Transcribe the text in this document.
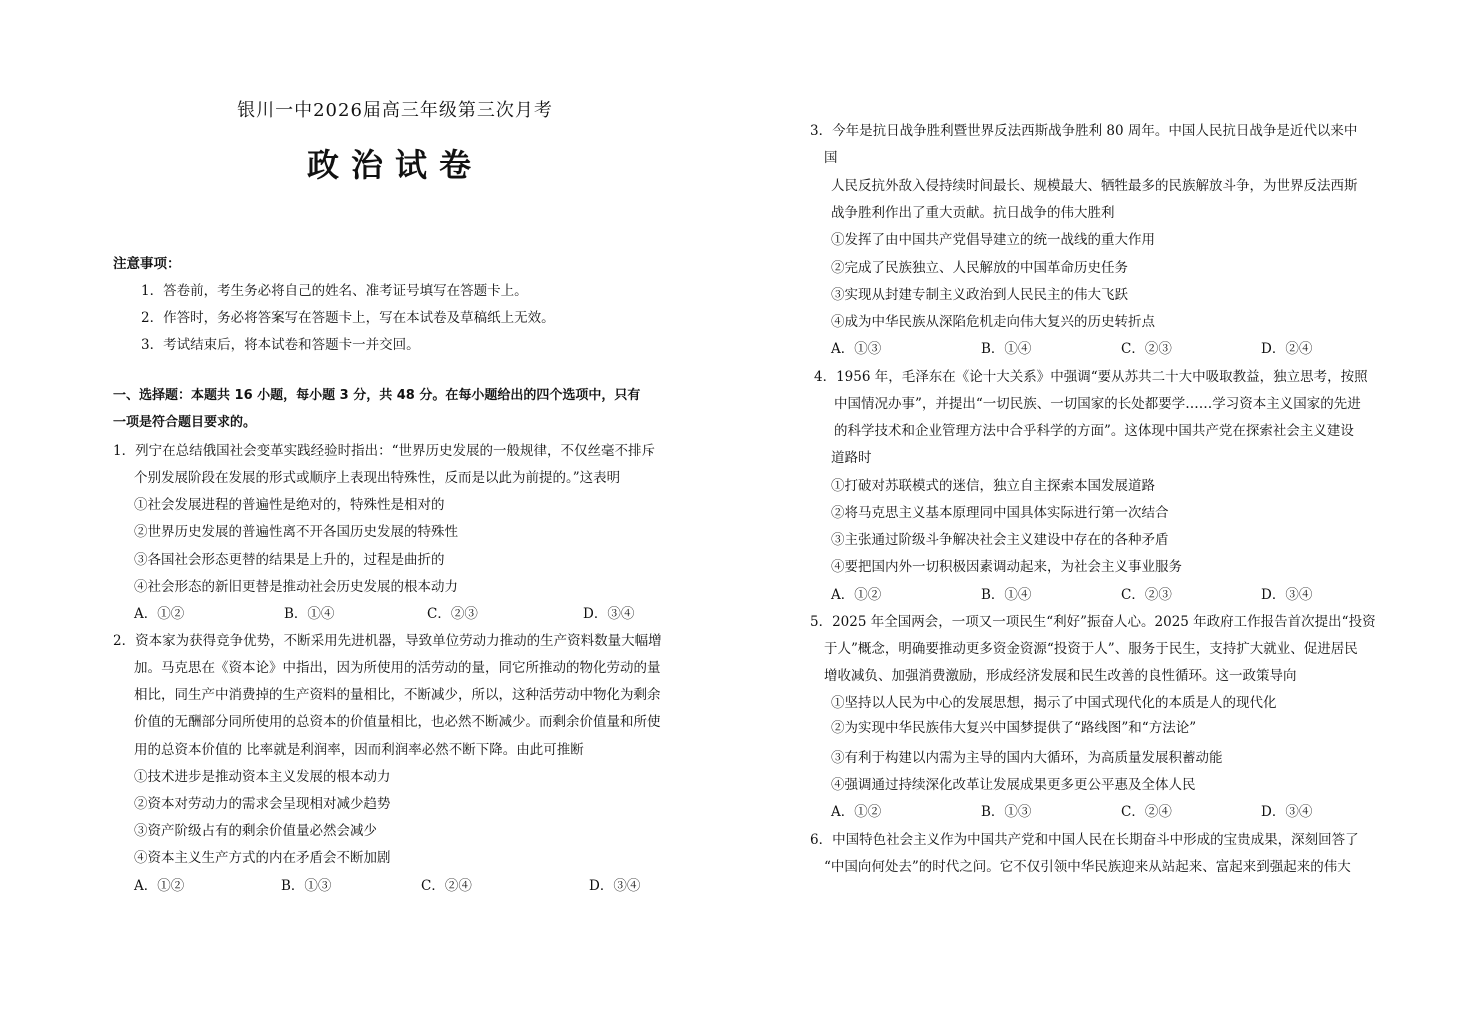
银川一中2026届高三年级第三次月考
政治试卷
注意事项：
1．答卷前，考生务必将自己的姓名、准考证号填写在答题卡上。
2．作答时，务必将答案写在答题卡上，写在本试卷及草稿纸上无效。
3．考试结束后，将本试卷和答题卡一并交回。
一、选择题：本题共 16 小题，每小题 3 分，共 48 分。在每小题给出的四个选项中，只有
一项是符合题目要求的。
1．列宁在总结俄国社会变革实践经验时指出：“世界历史发展的一般规律，不仅丝毫不排斥
个别发展阶段在发展的形式或顺序上表现出特殊性，反而是以此为前提的。”这表明
①社会发展进程的普遍性是绝对的，特殊性是相对的
②世界历史发展的普遍性离不开各国历史发展的特殊性
③各国社会形态更替的结果是上升的，过程是曲折的
④社会形态的新旧更替是推动社会历史发展的根本动力
A．①②	B．①④	C．②③	D．③④
2．资本家为获得竞争优势，不断采用先进机器，导致单位劳动力推动的生产资料数量大幅增
加。马克思在《资本论》中指出，因为所使用的活劳动的量，同它所推动的物化劳动的量
相比，同生产中消费掉的生产资料的量相比，不断减少，所以，这种活劳动中物化为剩余
价值的无酬部分同所使用的总资本的价值量相比，也必然不断减少。而剩余价值量和所使
用的总资本价值的 比率就是利润率，因而利润率必然不断下降。由此可推断
①技术进步是推动资本主义发展的根本动力
②资本对劳动力的需求会呈现相对减少趋势
③资产阶级占有的剩余价值量必然会减少
④资本主义生产方式的内在矛盾会不断加剧
A．①②	B．①③	C．②④	D．③④
3．今年是抗日战争胜利暨世界反法西斯战争胜利 80 周年。中国人民抗日战争是近代以来中
国
人民反抗外敌入侵持续时间最长、规模最大、牺牲最多的民族解放斗争，为世界反法西斯
战争胜利作出了重大贡献。抗日战争的伟大胜利
①发挥了由中国共产党倡导建立的统一战线的重大作用
②完成了民族独立、人民解放的中国革命历史任务
③实现从封建专制主义政治到人民民主的伟大飞跃
④成为中华民族从深陷危机走向伟大复兴的历史转折点
A．①③	B．①④	C．②③	D．②④
4．1956 年，毛泽东在《论十大关系》中强调“要从苏共二十大中吸取教益，独立思考，按照
中国情况办事”，并提出“一切民族、一切国家的长处都要学……学习资本主义国家的先进
的科学技术和企业管理方法中合乎科学的方面”。这体现中国共产党在探索社会主义建设
道路时
①打破对苏联模式的迷信，独立自主探索本国发展道路
②将马克思主义基本原理同中国具体实际进行第一次结合
③主张通过阶级斗争解决社会主义建设中存在的各种矛盾
④要把国内外一切积极因素调动起来，为社会主义事业服务
A．①②	B．①④	C．②③	D．③④
5．2025 年全国两会，一项又一项民生“利好”振奋人心。2025 年政府工作报告首次提出“投资
于人”概念，明确要推动更多资金资源“投资于人”、服务于民生，支持扩大就业、促进居民
增收减负、加强消费激励，形成经济发展和民生改善的良性循环。这一政策导向
①坚持以人民为中心的发展思想，揭示了中国式现代化的本质是人的现代化
②为实现中华民族伟大复兴中国梦提供了“路线图”和“方法论”
③有利于构建以内需为主导的国内大循环，为高质量发展积蓄动能
④强调通过持续深化改革让发展成果更多更公平惠及全体人民
A．①②	B．①③	C．②④	D．③④
6．中国特色社会主义作为中国共产党和中国人民在长期奋斗中形成的宝贵成果，深刻回答了
“中国向何处去”的时代之问。它不仅引领中华民族迎来从站起来、富起来到强起来的伟大
